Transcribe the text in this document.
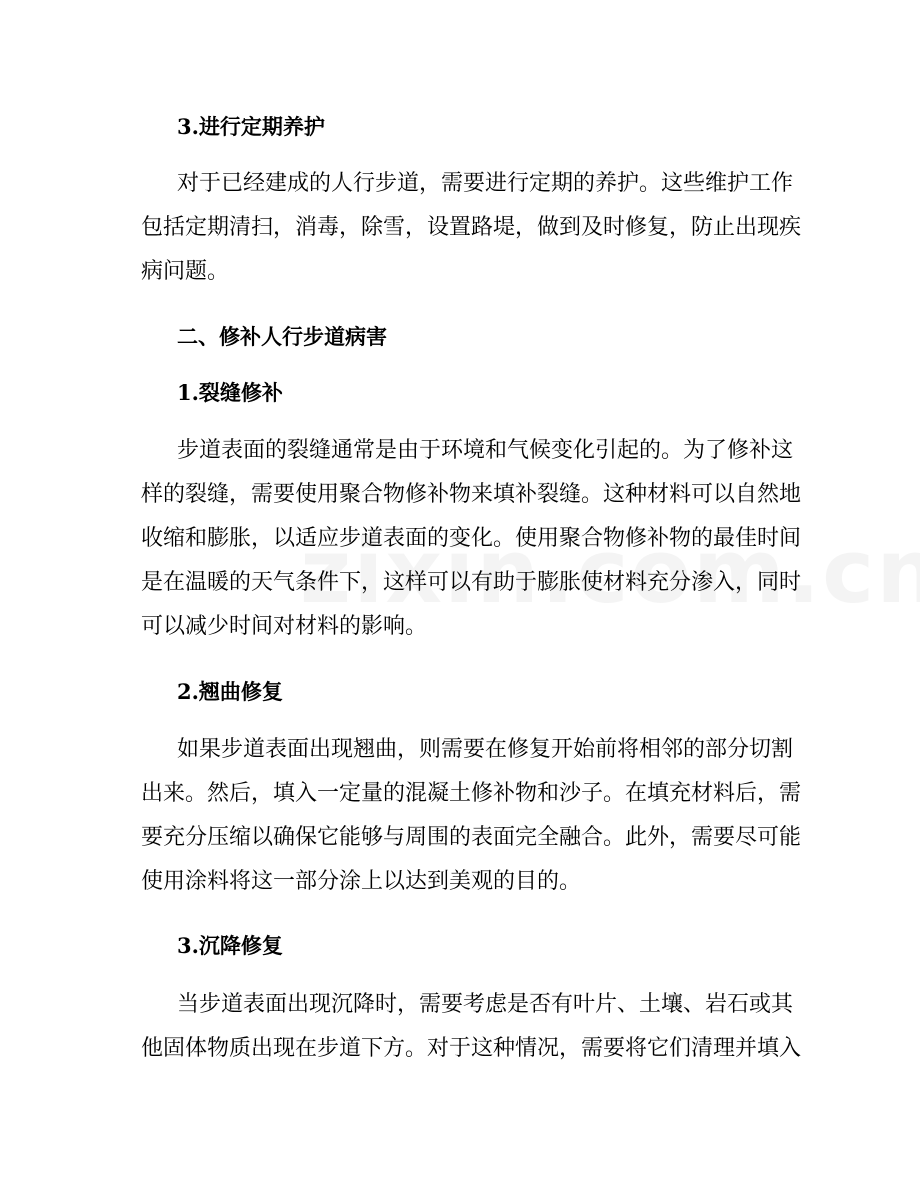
3.进行定期养护
对于已经建成的人行步道，需要进行定期的养护。这些维护工作
包括定期清扫，消毒，除雪，设置路堤，做到及时修复，防止出现疾
病问题。
二、修补人行步道病害
1.裂缝修补
步道表面的裂缝通常是由于环境和气候变化引起的。为了修补这
样的裂缝，需要使用聚合物修补物来填补裂缝。这种材料可以自然地
收缩和膨胀，以适应步道表面的变化。使用聚合物修补物的最佳时间
是在温暖的天气条件下，这样可以有助于膨胀使材料充分渗入，同时
可以减少时间对材料的影响。
2.翘曲修复
如果步道表面出现翘曲，则需要在修复开始前将相邻的部分切割
出来。然后，填入一定量的混凝土修补物和沙子。在填充材料后，需
要充分压缩以确保它能够与周围的表面完全融合。此外，需要尽可能
使用涂料将这一部分涂上以达到美观的目的。
3.沉降修复
当步道表面出现沉降时，需要考虑是否有叶片、土壤、岩石或其
他固体物质出现在步道下方。对于这种情况，需要将它们清理并填入
